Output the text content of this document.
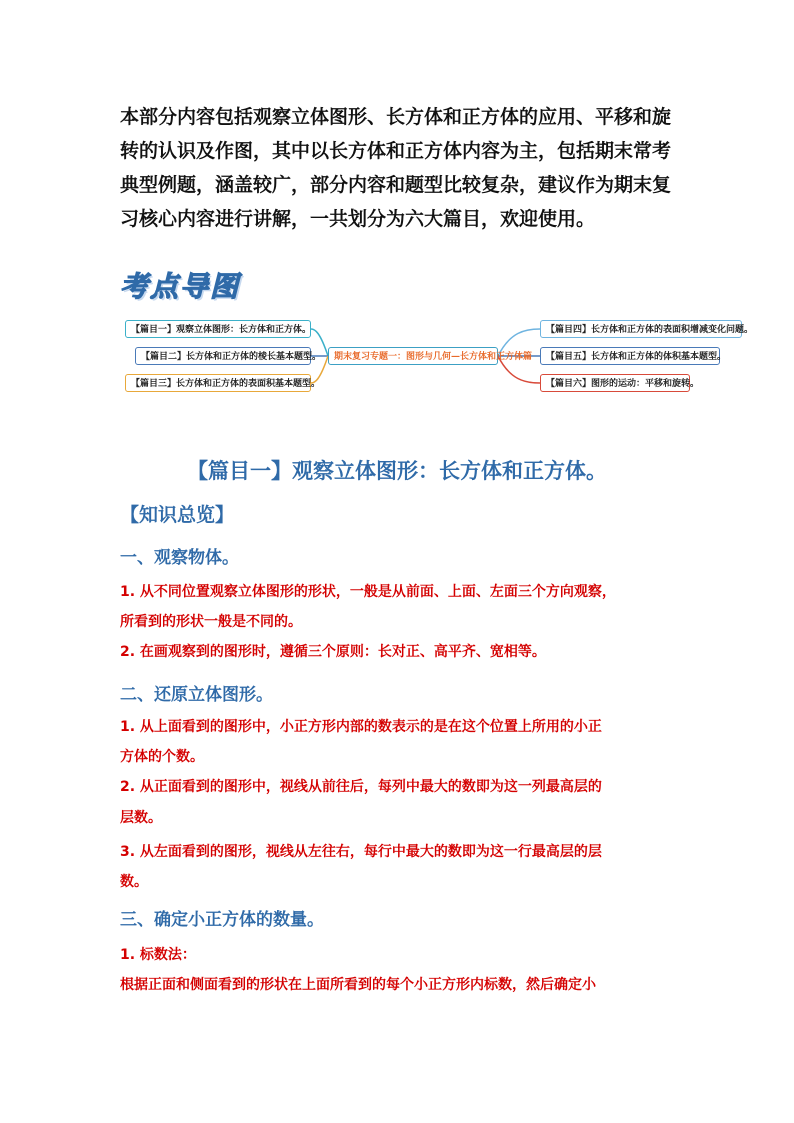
本部分内容包括观察立体图形、长方体和正方体的应用、平移和旋

转的认识及作图，其中以长方体和正方体内容为主，包括期末常考

典型例题，涵盖较广，部分内容和题型比较复杂，建议作为期末复

习核心内容进行讲解，一共划分为六大篇目，欢迎使用。

考点导图
期末复习专题一：图形与几何—长方体和正方体篇
【篇目一】观察立体图形：长方体和正方体。
【篇目二】长方体和正方体的棱长基本题型。
【篇目三】长方体和正方体的表面积基本题型。
【篇目四】长方体和正方体的表面积增减变化问题。
【篇目五】长方体和正方体的体积基本题型。
【篇目六】图形的运动：平移和旋转。
【篇目一】观察立体图形：长方体和正方体。
【知识总览】
一、观察物体。

1. 从不同位置观察立体图形的形状，一般是从前面、上面、左面三个方向观察，

所看到的形状一般是不同的。

2. 在画观察到的图形时，遵循三个原则：长对正、高平齐、宽相等。

二、还原立体图形。

1. 从上面看到的图形中，小正方形内部的数表示的是在这个位置上所用的小正

方体的个数。

2. 从正面看到的图形中，视线从前往后，每列中最大的数即为这一列最高层的

层数。

3. 从左面看到的图形，视线从左往右，每行中最大的数即为这一行最高层的层

数。

三、确定小正方体的数量。

1. 标数法：

根据正面和侧面看到的形状在上面所看到的每个小正方形内标数，然后确定小
